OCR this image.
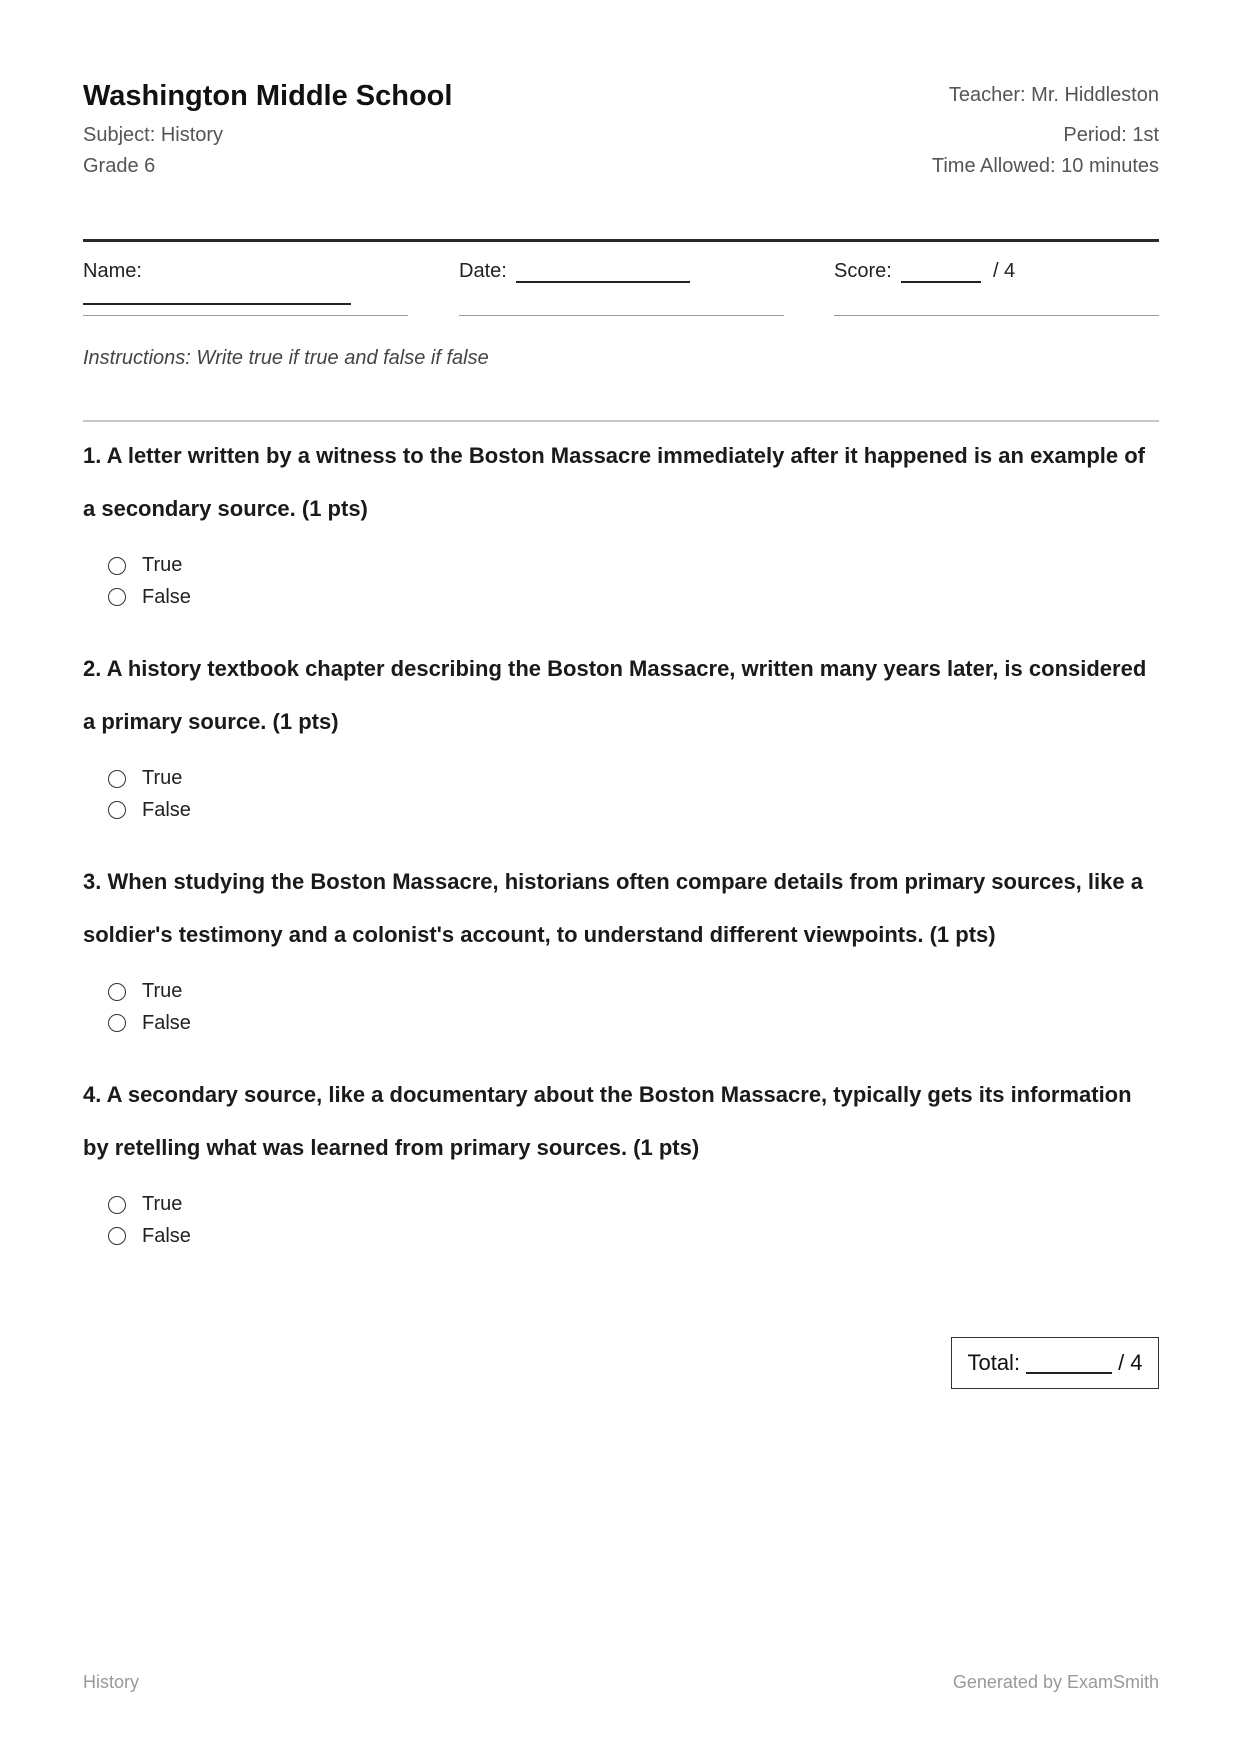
Washington Middle School
Subject: History
Grade 6
Teacher: Mr. Hiddleston
Period: 1st
Time Allowed: 10 minutes
Name:	Date:	Score:	/ 4
Instructions: Write true if true and false if false

1. A letter written by a witness to the Boston Massacre immediately after it happened is an example of a secondary source. (1 pts)

True
False

2. A history textbook chapter describing the Boston Massacre, written many years later, is considered a primary source. (1 pts)

True
False

3. When studying the Boston Massacre, historians often compare details from primary sources, like a soldier's testimony and a colonist's account, to understand different viewpoints. (1 pts)

True
False

4. A secondary source, like a documentary about the Boston Massacre, typically gets its information by retelling what was learned from primary sources. (1 pts)

True
False
Total:	/ 4
History	Generated by ExamSmith
